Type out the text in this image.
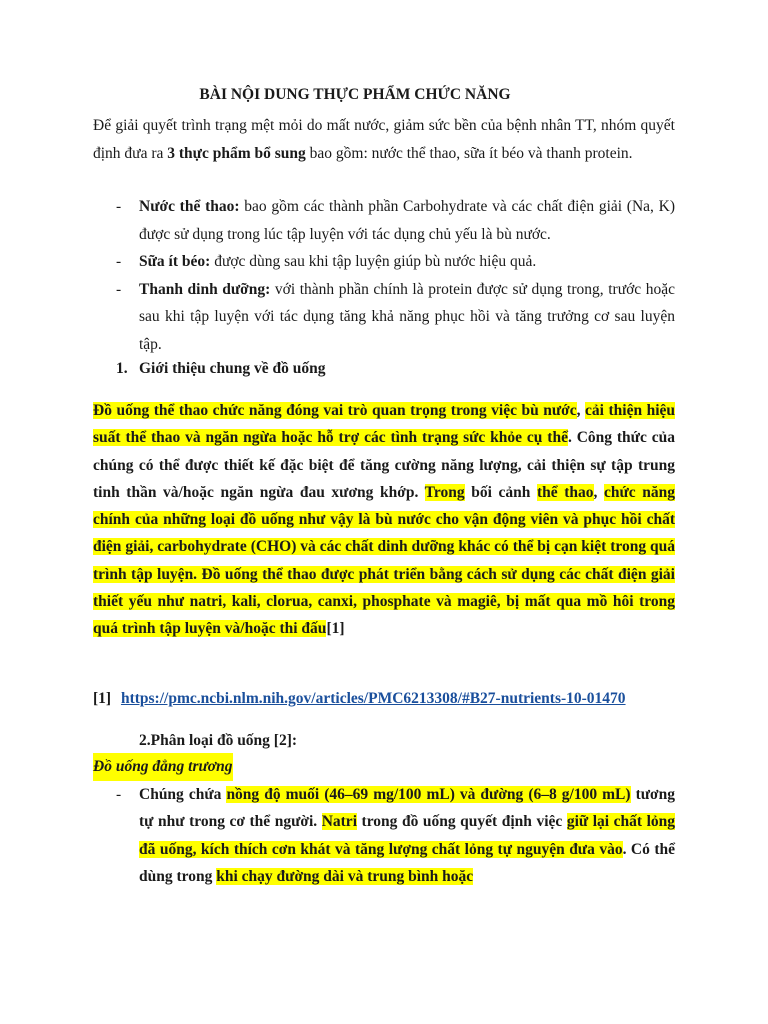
BÀI NỘI DUNG THỰC PHẨM CHỨC NĂNG
Để giải quyết trình trạng mệt mỏi do mất nước, giảm sức bền của bệnh nhân TT, nhóm quyết định đưa ra 3 thực phẩm bổ sung bao gồm: nước thể thao, sữa ít béo và thanh protein.
-	Nước thể thao: bao gồm các thành phần Carbohydrate và các chất điện giải (Na, K) được sử dụng trong lúc tập luyện với tác dụng chủ yếu là bù nước.
-	Sữa ít béo: được dùng sau khi tập luyện giúp bù nước hiệu quả.
-	Thanh dinh dưỡng: với thành phần chính là protein được sử dụng trong, trước hoặc sau khi tập luyện với tác dụng tăng khả năng phục hồi và tăng trưởng cơ sau luyện tập.
1. Giới thiệu chung về đồ uống
Đồ uống thể thao chức năng đóng vai trò quan trọng trong việc bù nước, cải thiện hiệu suất thể thao và ngăn ngừa hoặc hỗ trợ các tình trạng sức khỏe cụ thể. Công thức của chúng có thể được thiết kế đặc biệt để tăng cường năng lượng, cải thiện sự tập trung tinh thần và/hoặc ngăn ngừa đau xương khớp. Trong bối cảnh thể thao, chức năng chính của những loại đồ uống như vậy là bù nước cho vận động viên và phục hồi chất điện giải, carbohydrate (CHO) và các chất dinh dưỡng khác có thể bị cạn kiệt trong quá trình tập luyện. Đồ uống thể thao được phát triển bằng cách sử dụng các chất điện giải thiết yếu như natri, kali, clorua, canxi, phosphate và magiê, bị mất qua mồ hôi trong quá trình tập luyện và/hoặc thi đấu[1]
[1] https://pmc.ncbi.nlm.nih.gov/articles/PMC6213308/#B27-nutrients-10-01470
2.Phân loại đồ uống [2]:
Đồ uống đẳng trương
-	Chúng chứa nồng độ muối (46–69 mg/100 mL) và đường (6–8 g/100 mL) tương tự như trong cơ thể người. Natri trong đồ uống quyết định việc giữ lại chất lỏng đã uống, kích thích cơn khát và tăng lượng chất lỏng tự nguyện đưa vào. Có thể dùng trong khi chạy đường dài và trung bình hoặc
